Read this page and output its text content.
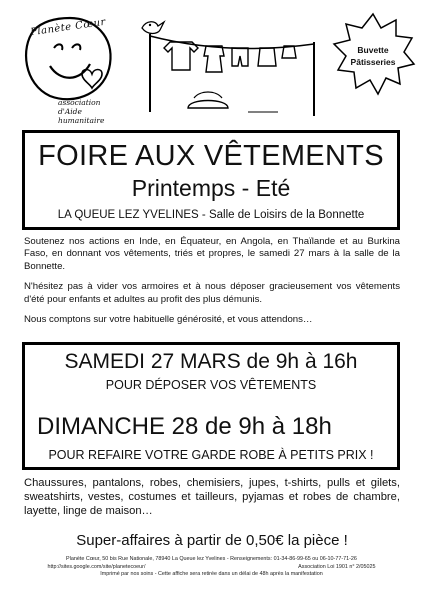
Planète Cœur
association d'Aide humanitaire
Buvette
Pâtisseries
FOIRE AUX VÊTEMENTS
Printemps - Eté
LA QUEUE LEZ YVELINES - Salle de Loisirs de la Bonnette

Soutenez nos actions en Inde, en Équateur, en Angola, en Thaïlande et au Burkina Faso, en donnant vos vêtements, triés et propres, le samedi 27 mars à la salle de la Bonnette.

N'hésitez pas à vider vos armoires et à nous déposer gracieusement vos vêtements d'été pour enfants et adultes au profit des plus démunis.

Nous comptons sur votre habituelle générosité, et vous attendons…

SAMEDI 27 MARS de 9h à 16h
POUR DÉPOSER VOS VÊTEMENTS
DIMANCHE 28 de 9h à 18h
POUR REFAIRE VOTRE GARDE ROBE À PETITS PRIX !

Chaussures, pantalons, robes, chemisiers, jupes, t-shirts, pulls et gilets, sweatshirts, vestes, costumes et tailleurs, pyjamas et robes de chambre, layette, linge de maison…

Super-affaires à partir de 0,50€ la pièce !
Planète Cœur, 50 bis Rue Nationale, 78940 La Queue lez Yvelines - Renseignements: 01-34-86-99-65 ou 06-10-77-71-26
http://sites.google.com/site/planetecoeur/	Association Loi 1901 n° 2/05025
Imprimé par nos soins - Cette affiche sera retirée dans un délai de 48h après la manifestation
